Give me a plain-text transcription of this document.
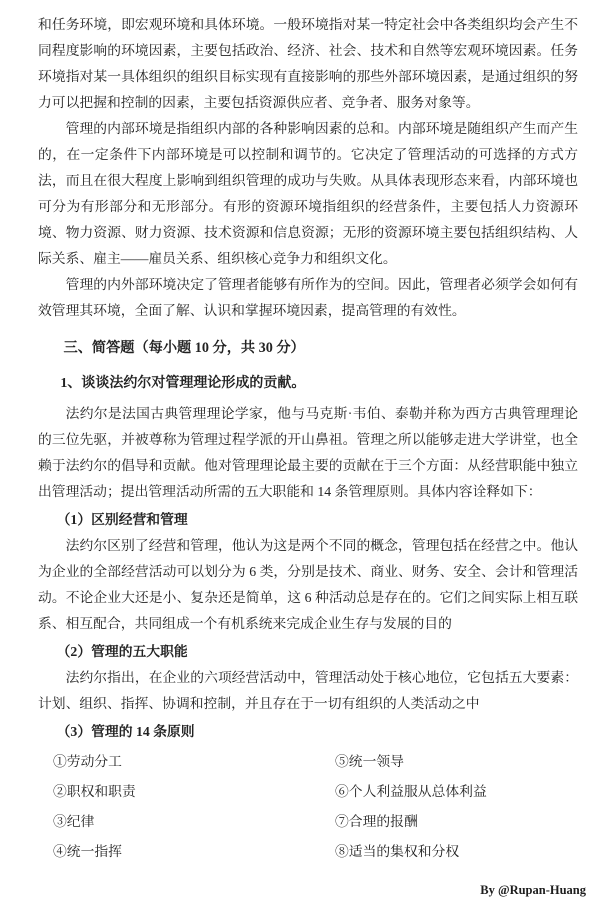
和任务环境，即宏观环境和具体环境。一般环境指对某一特定社会中各类组织均会产生不同程度影响的环境因素，主要包括政治、经济、社会、技术和自然等宏观环境因素。任务环境指对某一具体组织的组织目标实现有直接影响的那些外部环境因素，是通过组织的努力可以把握和控制的因素，主要包括资源供应者、竞争者、服务对象等。

管理的内部环境是指组织内部的各种影响因素的总和。内部环境是随组织产生而产生的，在一定条件下内部环境是可以控制和调节的。它决定了管理活动的可选择的方式方法，而且在很大程度上影响到组织管理的成功与失败。从具体表现形态来看，内部环境也可分为有形部分和无形部分。有形的资源环境指组织的经营条件，主要包括人力资源环境、物力资源、财力资源、技术资源和信息资源；无形的资源环境主要包括组织结构、人际关系、雇主——雇员关系、组织核心竞争力和组织文化。

管理的内外部环境决定了管理者能够有所作为的空间。因此，管理者必须学会如何有效管理其环境，全面了解、认识和掌握环境因素，提高管理的有效性。

三、简答题（每小题 10 分，共 30 分）

1、谈谈法约尔对管理理论形成的贡献。

法约尔是法国古典管理理论学家，他与马克斯·韦伯、泰勒并称为西方古典管理理论的三位先驱，并被尊称为管理过程学派的开山鼻祖。管理之所以能够走进大学讲堂，也全赖于法约尔的倡导和贡献。他对管理理论最主要的贡献在于三个方面：从经营职能中独立出管理活动；提出管理活动所需的五大职能和 14 条管理原则。具体内容诠释如下：

（1）区别经营和管理

法约尔区别了经营和管理，他认为这是两个不同的概念，管理包括在经营之中。他认为企业的全部经营活动可以划分为 6 类，分别是技术、商业、财务、安全、会计和管理活动。不论企业大还是小、复杂还是简单，这 6 种活动总是存在的。它们之间实际上相互联系、相互配合，共同组成一个有机系统来完成企业生存与发展的目的

（2）管理的五大职能

法约尔指出，在企业的六项经营活动中，管理活动处于核心地位，它包括五大要素：计划、组织、指挥、协调和控制，并且存在于一切有组织的人类活动之中

（3）管理的 14 条原则

①劳动分工
②职权和职责
③纪律
④统一指挥
⑤统一领导
⑥个人利益服从总体利益
⑦合理的报酬
⑧适当的集权和分权
By @Rupan-Huang
